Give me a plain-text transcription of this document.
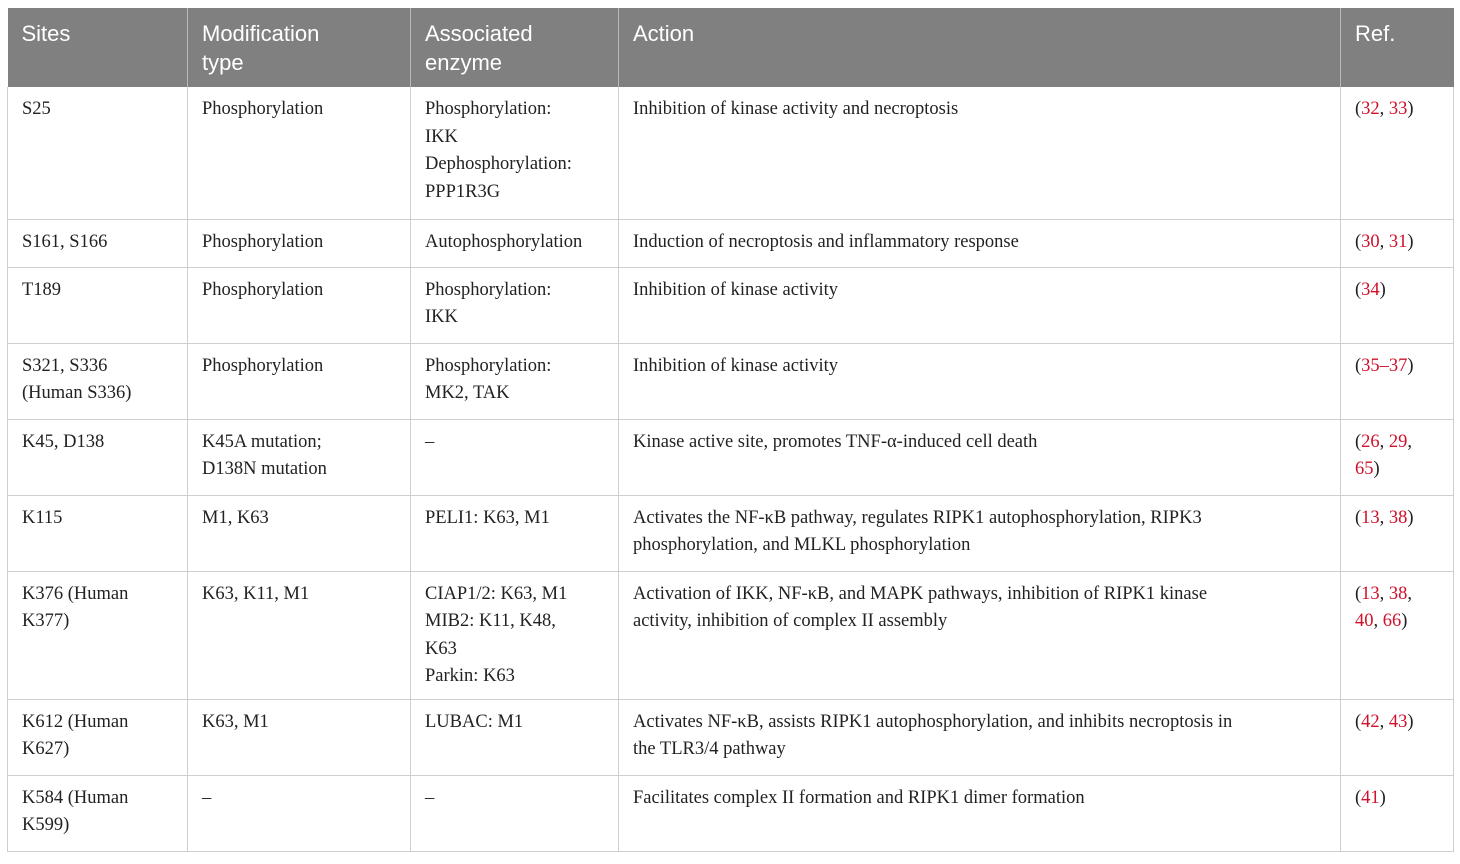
Sites	Modification type	Associated enzyme	Action	Ref.

S25	Phosphorylation	Phosphorylation:
IKK
Dephosphorylation:
PPP1R3G	Inhibition of kinase activity and necroptosis	(32, 33)

S161, S166	Phosphorylation	Autophosphorylation	Induction of necroptosis and inflammatory response	(30, 31)

T189	Phosphorylation	Phosphorylation:
IKK	Inhibition of kinase activity	(34)

S321, S336
(Human S336)	Phosphorylation	Phosphorylation:
MK2, TAK	Inhibition of kinase activity	(35–37)

K45, D138	K45A mutation;
D138N mutation	–	Kinase active site, promotes TNF-α-induced cell death	(26, 29,
65)

K115	M1, K63	PELI1: K63, M1	Activates the NF-κB pathway, regulates RIPK1 autophosphorylation, RIPK3
phosphorylation, and MLKL phosphorylation	(13, 38)

K376 (Human
K377)	K63, K11, M1	CIAP1/2: K63, M1
MIB2: K11, K48,
K63
Parkin: K63	Activation of IKK, NF-κB, and MAPK pathways, inhibition of RIPK1 kinase
activity, inhibition of complex II assembly	(13, 38,
40, 66)

K612 (Human
K627)	K63, M1	LUBAC: M1	Activates NF-κB, assists RIPK1 autophosphorylation, and inhibits necroptosis in
the TLR3/4 pathway	(42, 43)

K584 (Human
K599)	–	–	Facilitates complex II formation and RIPK1 dimer formation	(41)
